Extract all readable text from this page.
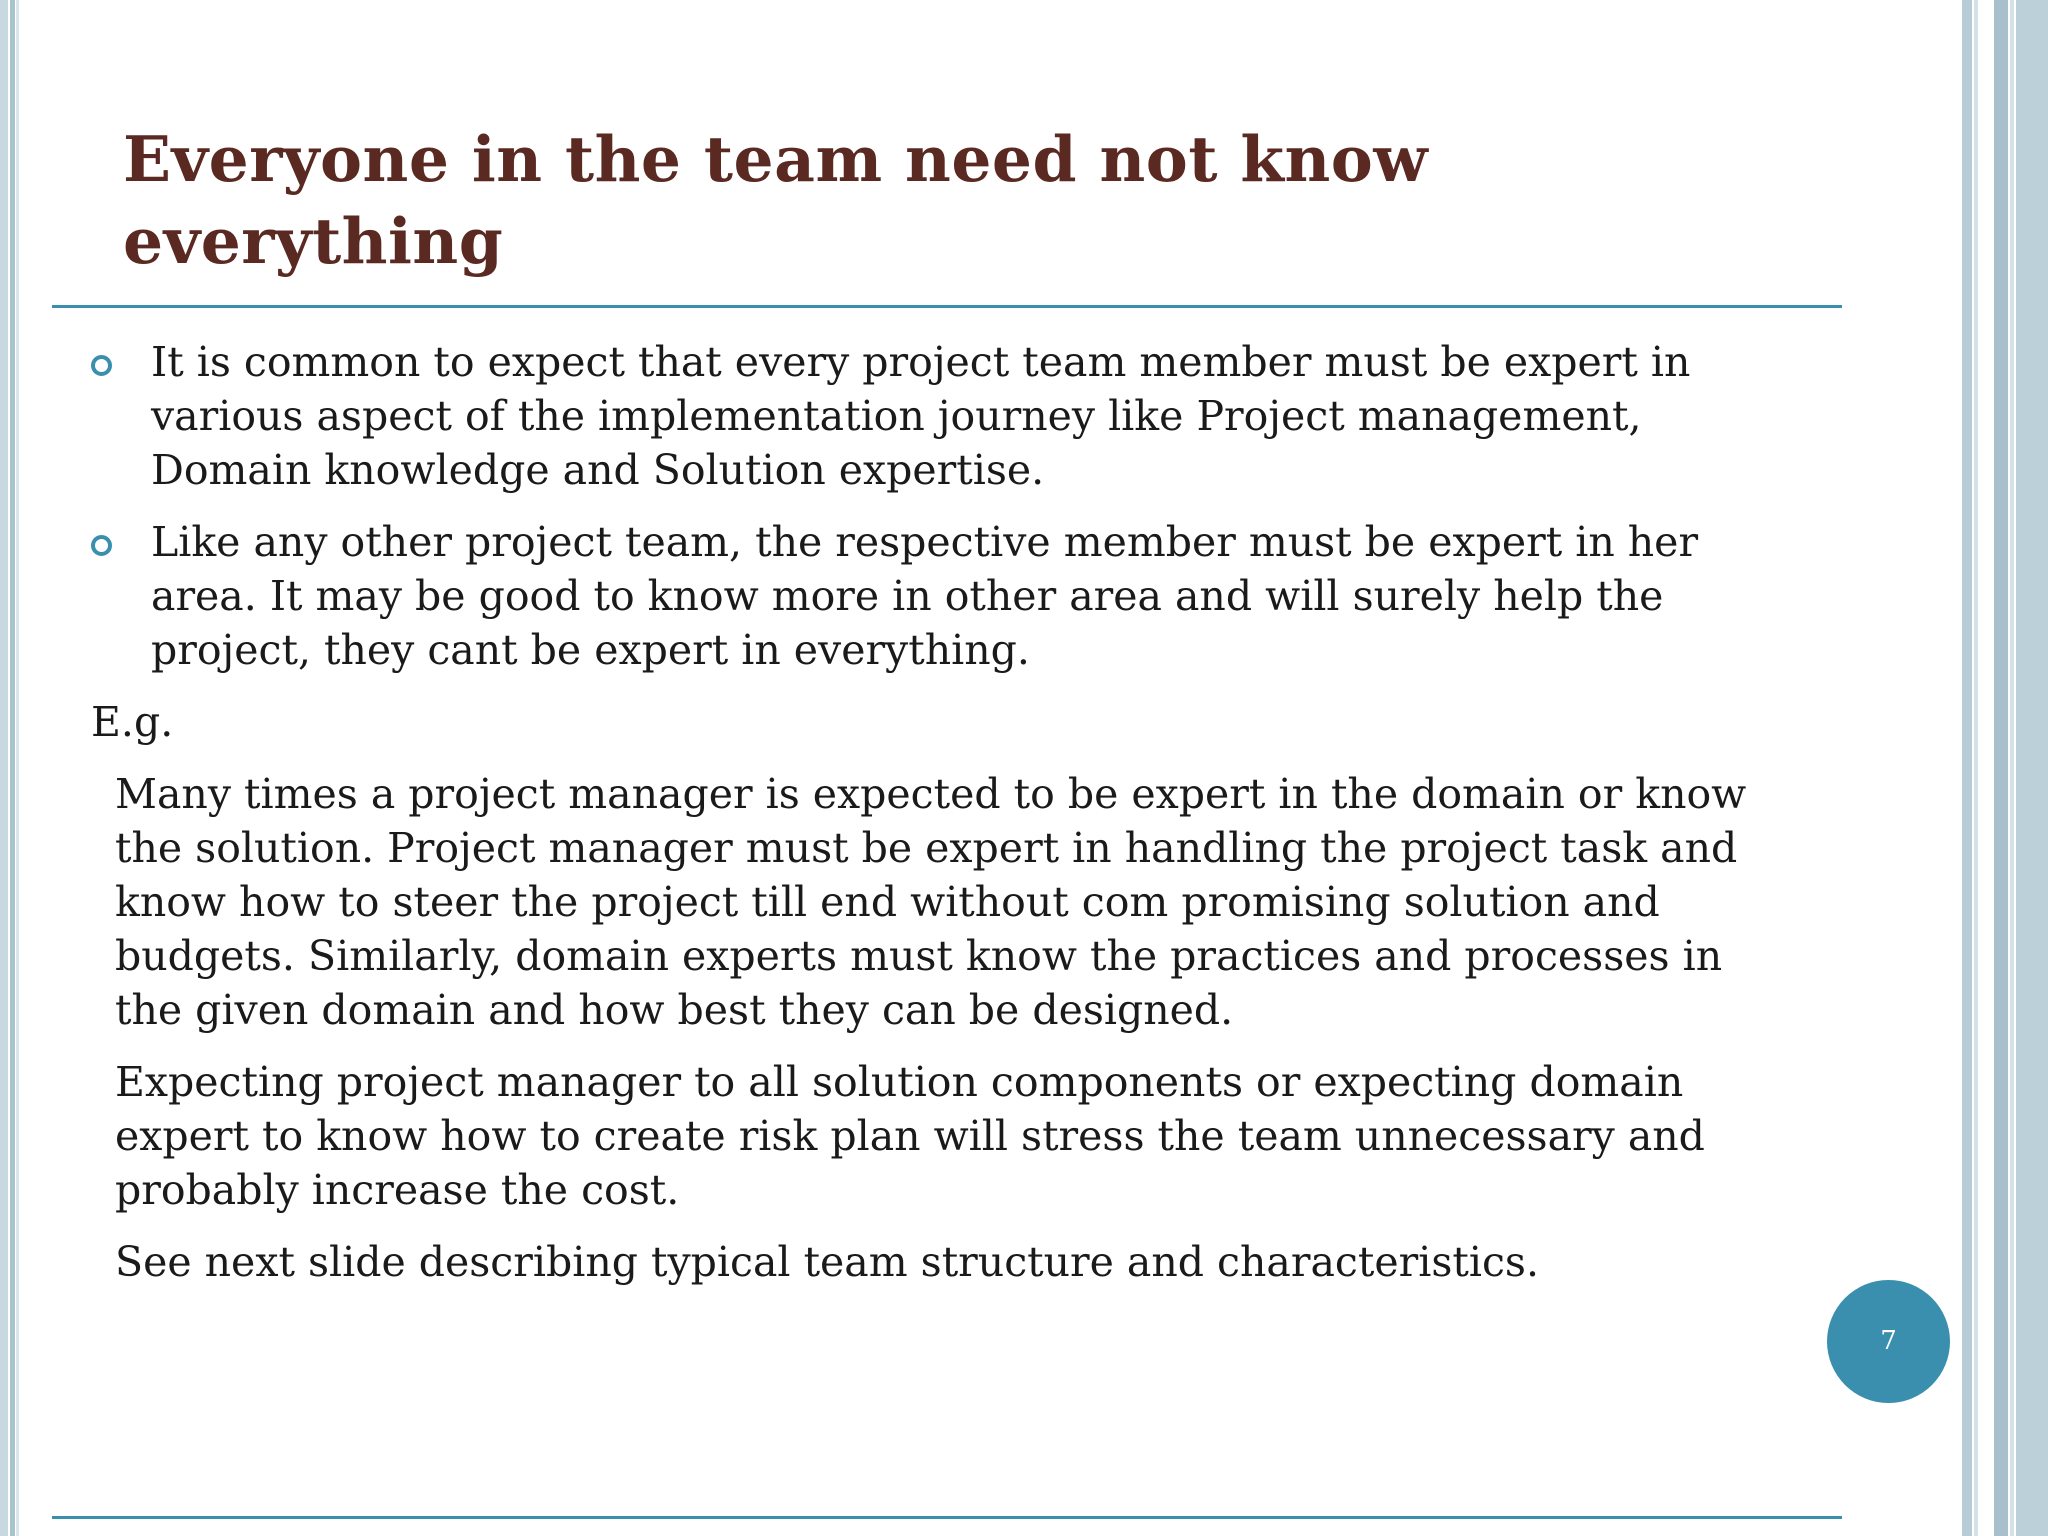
Everyone in the team need not know everything
It is common to expect that every project team member must be expert in various aspect of the implementation journey like Project management, Domain knowledge and Solution expertise.
Like any other project team, the respective member must be expert in her area. It may be good to know more in other area and will surely help the project, they cant be expert in everything.

E.g.

Many times a project manager is expected to be expert in the domain or know the solution. Project manager must be expert in handling the project task and know how to steer the project till end without com promising solution and budgets. Similarly, domain experts must know the practices and processes in the given domain and how best they can be designed.

Expecting project manager to all solution components or expecting domain expert to know how to create risk plan will stress the team unnecessary and probably increase the cost.

See next slide describing typical team structure and characteristics.

7
